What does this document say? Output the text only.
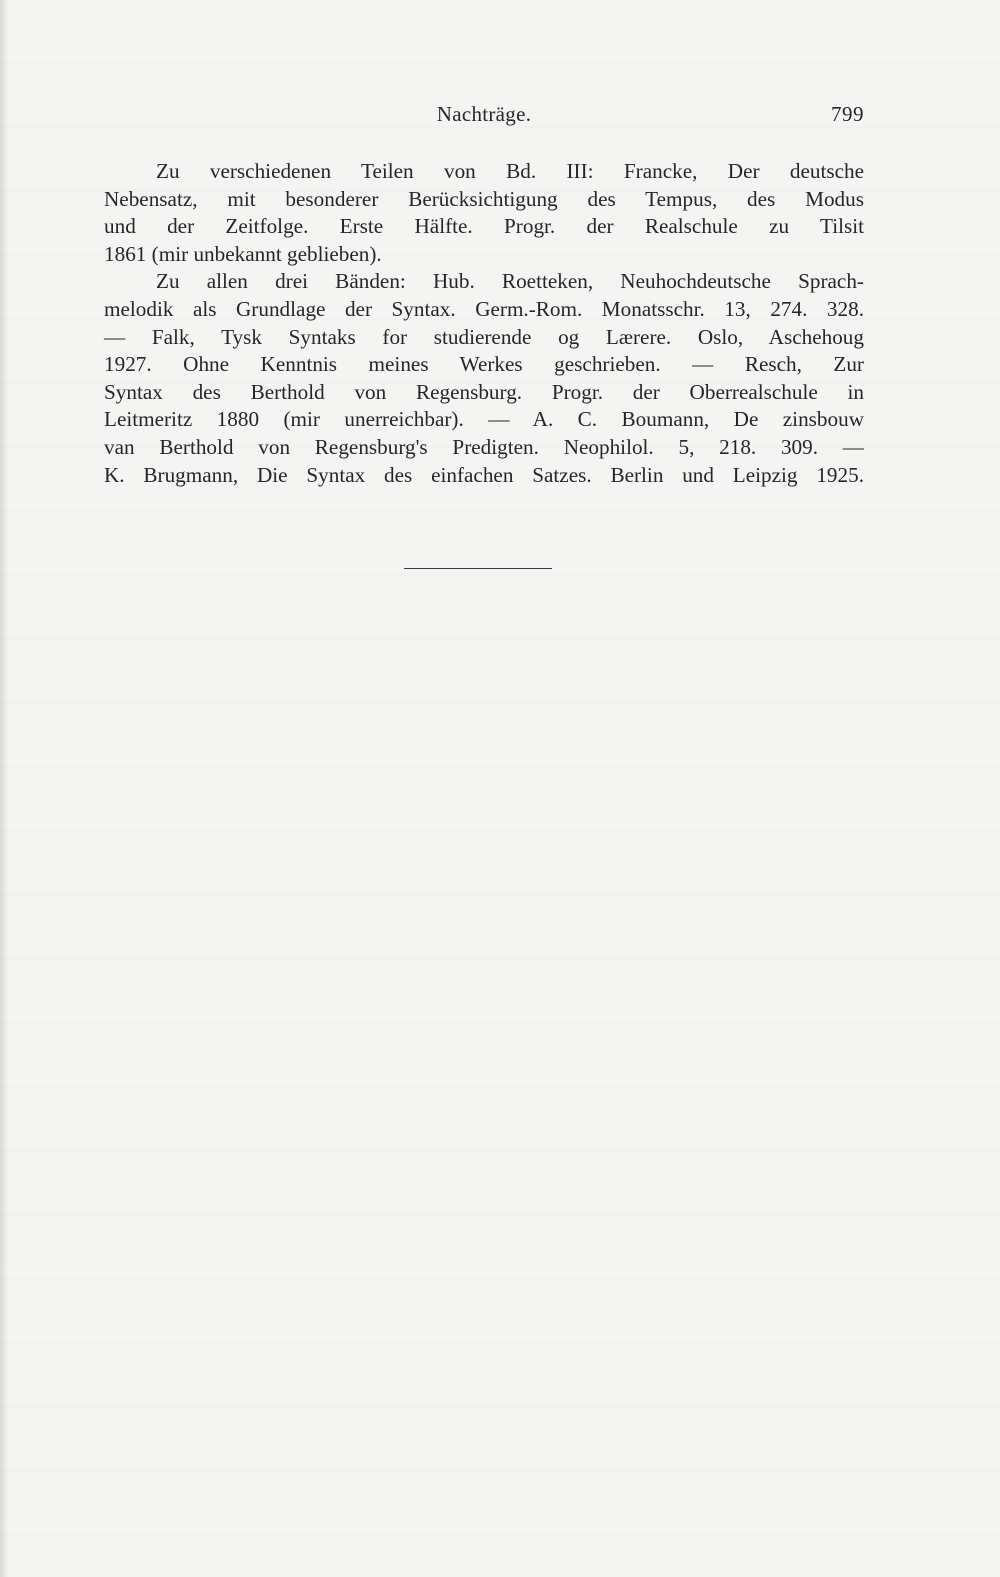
Nachträge.	799
Zu verschiedenen Teilen von Bd. III: Francke, Der deutsche
Nebensatz, mit besonderer Berücksichtigung des Tempus, des Modus
und der Zeitfolge. Erste Hälfte. Progr. der Realschule zu Tilsit
1861 (mir unbekannt geblieben).
Zu allen drei Bänden: Hub. Roetteken, Neuhochdeutsche Sprach-
melodik als Grundlage der Syntax. Germ.-Rom. Monatsschr. 13, 274. 328.
— Falk, Tysk Syntaks for studierende og Lærere. Oslo, Aschehoug
1927. Ohne Kenntnis meines Werkes geschrieben. — Resch, Zur
Syntax des Berthold von Regensburg. Progr. der Oberrealschule in
Leitmeritz 1880 (mir unerreichbar). — A. C. Boumann, De zinsbouw
van Berthold von Regensburg's Predigten. Neophilol. 5, 218. 309. —
K. Brugmann, Die Syntax des einfachen Satzes. Berlin und Leipzig 1925.
